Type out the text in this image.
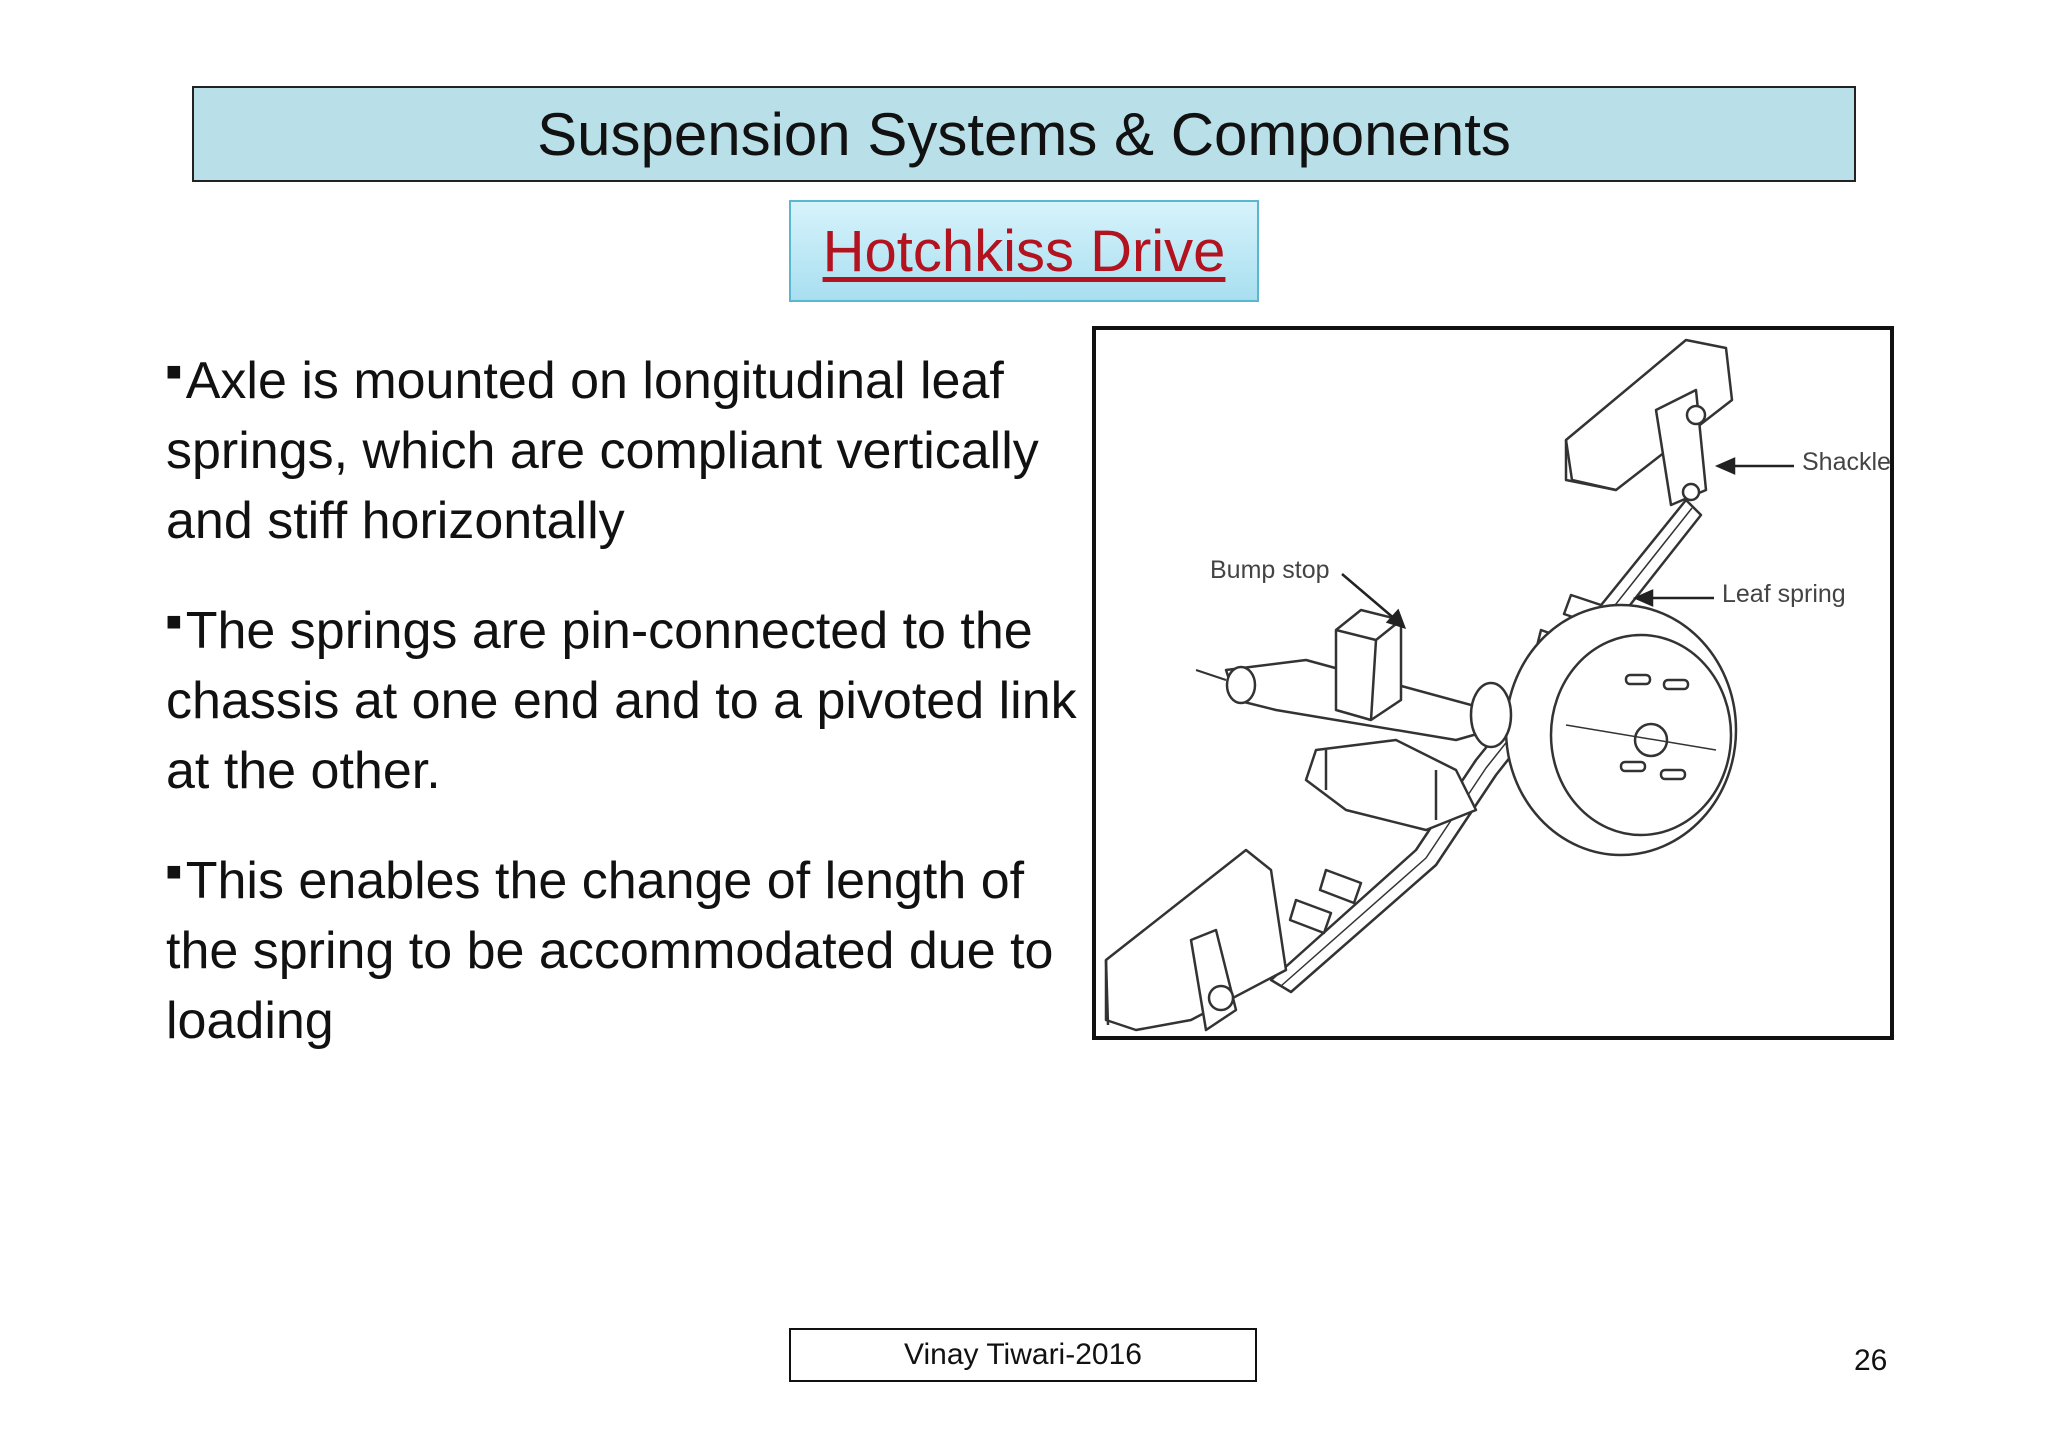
Suspension Systems & Components
Hotchkiss Drive
■Axle is mounted on longitudinal leaf springs, which are compliant vertically and stiff horizontally
■The springs are pin-connected to the chassis at one end and to a pivoted link at the other.
■This enables the change of length of the spring to be accommodated due to loading
Shackle
Bump stop
Leaf spring
Vinay Tiwari-2016	26
